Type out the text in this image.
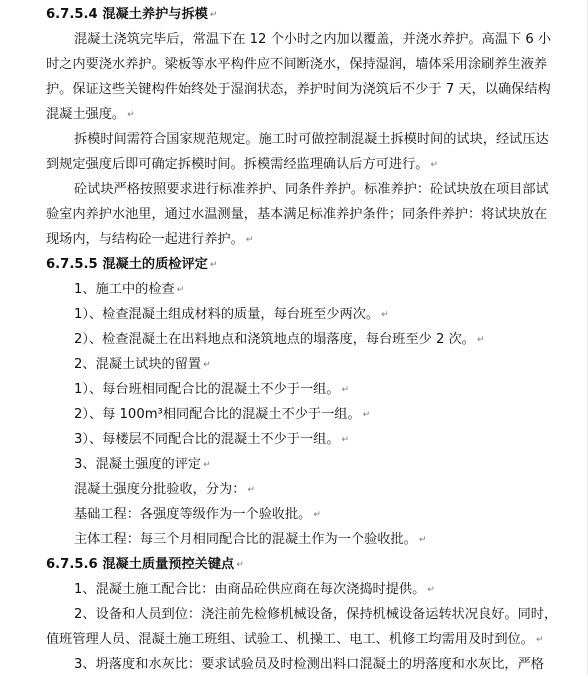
6.7.5.4 混凝土养护与拆模 ↵
混凝土浇筑完毕后，常温下在 12 个小时之内加以覆盖，并浇水养护。高温下 6 小
时之内要浇水养护。梁板等水平构件应不间断浇水，保持湿润，墙体采用涂刷养生液养
护。保证这些关键构件始终处于湿润状态，养护时间为浇筑后不少于 7 天，以确保结构
混凝土强度。 ↵
拆模时间需符合国家规范规定。施工时可做控制混凝土拆模时间的试块，经试压达
到规定强度后即可确定拆模时间。拆模需经监理确认后方可进行。 ↵
砼试块严格按照要求进行标准养护、同条件养护。标准养护：砼试块放在项目部试
验室内养护水池里，通过水温测量，基本满足标准养护条件；同条件养护：将试块放在
现场内，与结构砼一起进行养护。 ↵
6.7.5.5 混凝土的质检评定 ↵
1、施工中的检查 ↵
1）、检查混凝土组成材料的质量，每台班至少两次。 ↵
2）、检查混凝土在出料地点和浇筑地点的塌落度，每台班至少 2 次。 ↵
2、混凝土试块的留置 ↵
1）、每台班相同配合比的混凝土不少于一组。 ↵
2）、每 100m³相同配合比的混凝土不少于一组。 ↵
3）、每楼层不同配合比的混凝土不少于一组。 ↵
3、混凝土强度的评定 ↵
混凝土强度分批验收，分为： ↵
基础工程：各强度等级作为一个验收批。 ↵
主体工程：每三个月相同配合比的混凝土作为一个验收批。 ↵
6.7.5.6 混凝土质量预控关键点 ↵
1、混凝土施工配合比：由商品砼供应商在每次浇捣时提供。 ↵
2、设备和人员到位：浇注前先检修机械设备，保持机械设备运转状况良好。同时，
值班管理人员、混凝土施工班组、试验工、机操工、电工、机修工均需用及时到位。 ↵
3、坍落度和水灰比：要求试验员及时检测出料口混凝土的坍落度和水灰比，严格
